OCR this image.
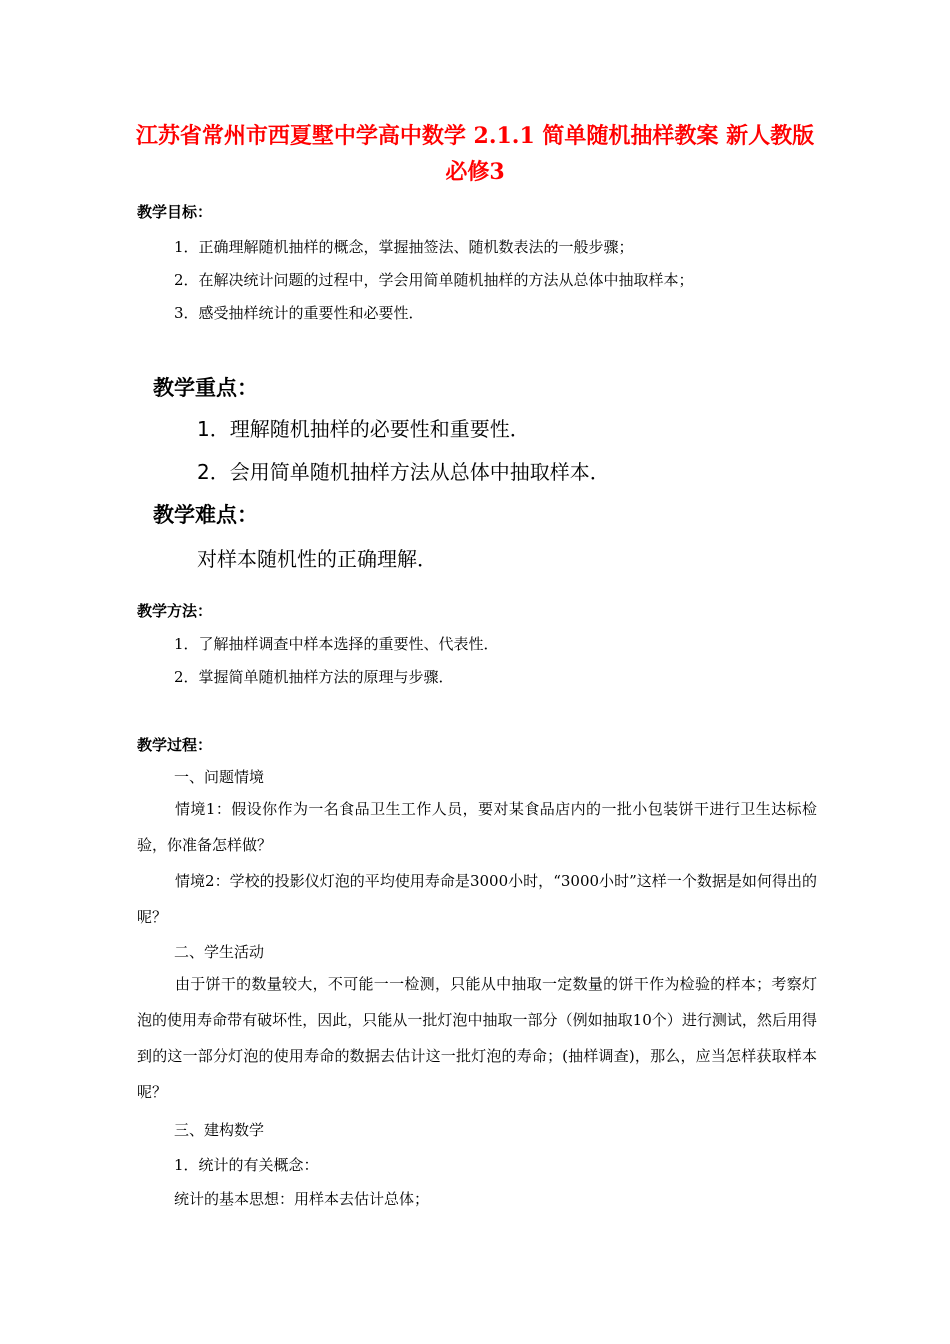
江苏省常州市西夏墅中学高中数学 2.1.1 简单随机抽样教案 新人教版必修3

教学目标：

1．正确理解随机抽样的概念，掌握抽签法、随机数表法的一般步骤；

2．在解决统计问题的过程中，学会用简单随机抽样的方法从总体中抽取样本；

3．感受抽样统计的重要性和必要性．

教学重点：

1．理解随机抽样的必要性和重要性．

2．会用简单随机抽样方法从总体中抽取样本．

教学难点：

对样本随机性的正确理解．

教学方法：

1．了解抽样调查中样本选择的重要性、代表性．

2．掌握简单随机抽样方法的原理与步骤．

教学过程：

一、问题情境

情境1：假设你作为一名食品卫生工作人员，要对某食品店内的一批小包装饼干进行卫生达标检验，你准备怎样做？

情境2：学校的投影仪灯泡的平均使用寿命是3000小时，“3000小时”这样一个数据是如何得出的呢？

二、学生活动

由于饼干的数量较大，不可能一一检测，只能从中抽取一定数量的饼干作为检验的样本；考察灯泡的使用寿命带有破坏性，因此，只能从一批灯泡中抽取一部分（例如抽取10个）进行测试，然后用得到的这一部分灯泡的使用寿命的数据去估计这一批灯泡的寿命；(抽样调查)，那么，应当怎样获取样本呢？

三、建构数学

1．统计的有关概念：

统计的基本思想：用样本去估计总体；
